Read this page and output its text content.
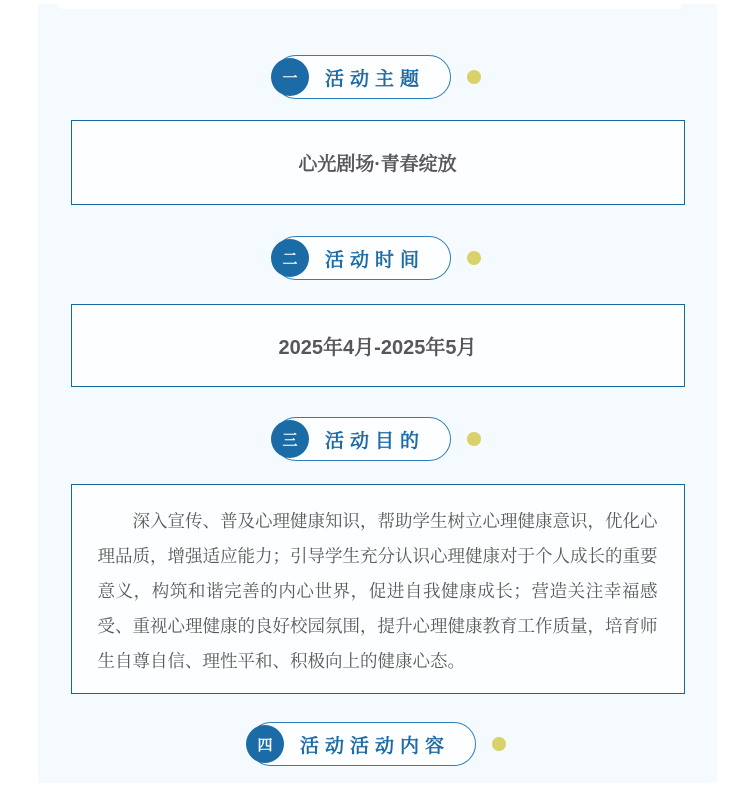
一 活动主题
心光剧场·青春绽放
二 活动时间
2025年4月-2025年5月
三 活动目的

深入宣传、普及心理健康知识，帮助学生树立心理健康意识，优化心理品质，增强适应能力；引导学生充分认识心理健康对于个人成长的重要意义，构筑和谐完善的内心世界，促进自我健康成长；营造关注幸福感受、重视心理健康的良好校园氛围，提升心理健康教育工作质量，培育师生自尊自信、理性平和、积极向上的健康心态。

四 活动活动内容
